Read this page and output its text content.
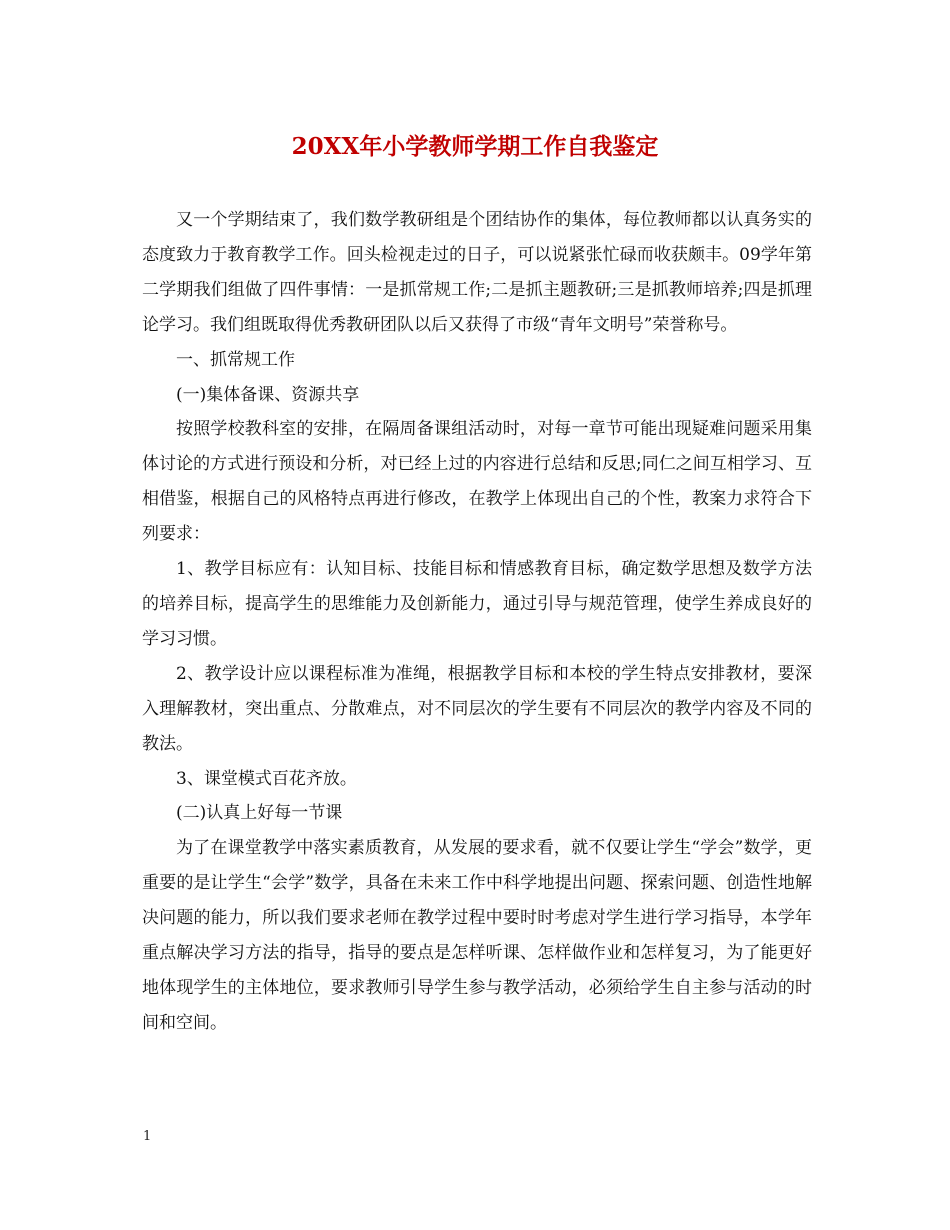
20XX年小学教师学期工作自我鉴定

又一个学期结束了，我们数学教研组是个团结协作的集体，每位教师都以认真务实的态度致力于教育教学工作。回头检视走过的日子，可以说紧张忙碌而收获颇丰。09学年第二学期我们组做了四件事情：一是抓常规工作;二是抓主题教研;三是抓教师培养;四是抓理论学习。我们组既取得优秀教研团队以后又获得了市级“青年文明号”荣誉称号。

一、抓常规工作

(一)集体备课、资源共享

按照学校教科室的安排，在隔周备课组活动时，对每一章节可能出现疑难问题采用集体讨论的方式进行预设和分析，对已经上过的内容进行总结和反思;同仁之间互相学习、互相借鉴，根据自己的风格特点再进行修改，在教学上体现出自己的个性，教案力求符合下列要求：

1、教学目标应有：认知目标、技能目标和情感教育目标，确定数学思想及数学方法的培养目标，提高学生的思维能力及创新能力，通过引导与规范管理，使学生养成良好的学习习惯。

2、教学设计应以课程标准为准绳，根据教学目标和本校的学生特点安排教材，要深入理解教材，突出重点、分散难点，对不同层次的学生要有不同层次的教学内容及不同的教法。

3、课堂模式百花齐放。

(二)认真上好每一节课

为了在课堂教学中落实素质教育，从发展的要求看，就不仅要让学生“学会”数学，更重要的是让学生“会学”数学，具备在未来工作中科学地提出问题、探索问题、创造性地解决问题的能力，所以我们要求老师在教学过程中要时时考虑对学生进行学习指导，本学年重点解决学习方法的指导，指导的要点是怎样听课、怎样做作业和怎样复习，为了能更好地体现学生的主体地位，要求教师引导学生参与教学活动，必须给学生自主参与活动的时间和空间。

1
